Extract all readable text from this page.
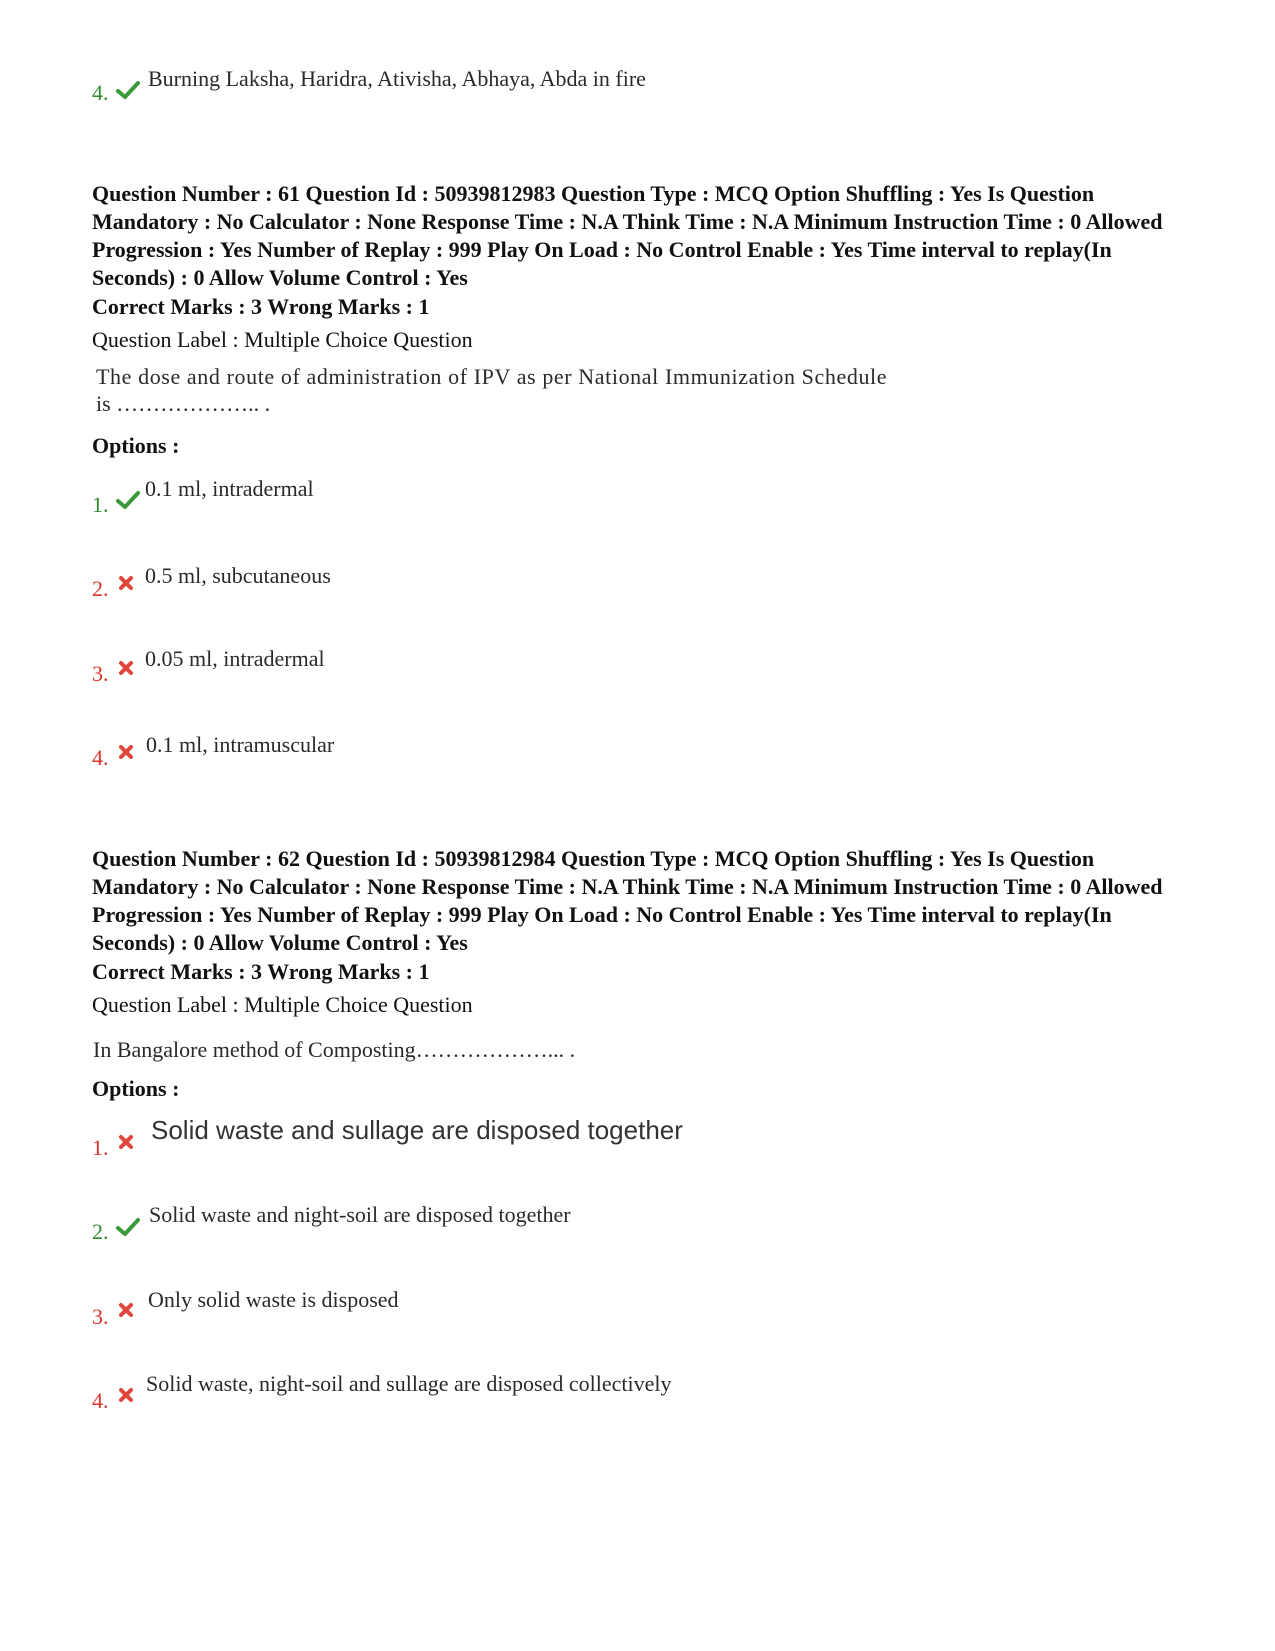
4.
Burning Laksha, Haridra, Ativisha, Abhaya, Abda in fire
Question Number : 61 Question Id : 50939812983 Question Type : MCQ Option Shuffling : Yes Is Question Mandatory : No Calculator : None Response Time : N.A Think Time : N.A Minimum Instruction Time : 0 Allowed Progression : Yes Number of Replay : 999 Play On Load : No Control Enable : Yes Time interval to replay(In Seconds) : 0 Allow Volume Control : Yes
Correct Marks : 3 Wrong Marks : 1
Question Label : Multiple Choice Question
The dose and route of administration of IPV as per National Immunization Schedule
is ……………….. .
Options :
1.
0.1 ml, intradermal
2.
0.5 ml, subcutaneous
3.
0.05 ml, intradermal
4.
0.1 ml, intramuscular
Question Number : 62 Question Id : 50939812984 Question Type : MCQ Option Shuffling : Yes Is Question Mandatory : No Calculator : None Response Time : N.A Think Time : N.A Minimum Instruction Time : 0 Allowed Progression : Yes Number of Replay : 999 Play On Load : No Control Enable : Yes Time interval to replay(In Seconds) : 0 Allow Volume Control : Yes
Correct Marks : 3 Wrong Marks : 1
Question Label : Multiple Choice Question
In Bangalore method of Composting………………... .
Options :
1.
Solid waste and sullage are disposed together
2.
Solid waste and night-soil are disposed together
3.
Only solid waste is disposed
4.
Solid waste, night-soil and sullage are disposed collectively
